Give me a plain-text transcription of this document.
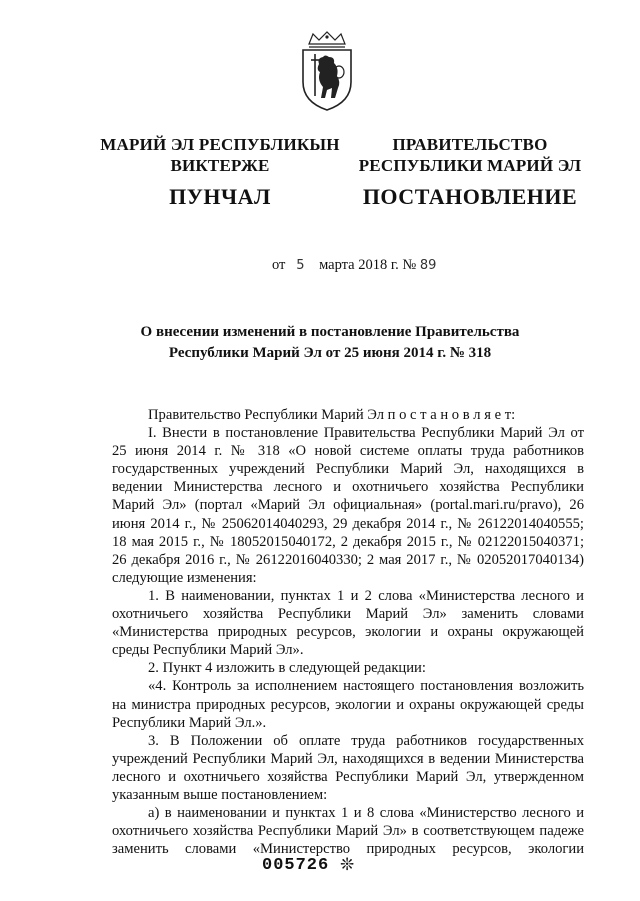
МАРИЙ ЭЛ РЕСПУБЛИКЫН
ВИКТЕРЖЕ
ПУНЧАЛ
ПРАВИТЕЛЬСТВО
РЕСПУБЛИКИ МАРИЙ ЭЛ
ПОСТАНОВЛЕНИЕ
от 5 марта 2018 г. № 89
О внесении изменений в постановление Правительства
Республики Марий Эл от 25 июня 2014 г. № 318

Правительство Республики Марий Эл п о с т а н о в л я е т:

I. Внести в постановление Правительства Республики Марий Эл от 25 июня 2014 г. № 318 «О новой системе оплаты труда работников государственных учреждений Республики Марий Эл, находящихся в ведении Министерства лесного и охотничьего хозяйства Республики Марий Эл» (портал «Марий Эл официальная» (portal.mari.ru/pravo), 26 июня 2014 г., № 25062014040293, 29 декабря 2014 г., № 26122014040555; 18 мая 2015 г., № 18052015040172, 2 декабря 2015 г., № 02122015040371; 26 декабря 2016 г., № 26122016040330; 2 мая 2017 г., № 02052017040134) следующие изменения:

1. В наименовании, пунктах 1 и 2 слова «Министерства лесного и охотничьего хозяйства Республики Марий Эл» заменить словами «Министерства природных ресурсов, экологии и охраны окружающей среды Республики Марий Эл».

2. Пункт 4 изложить в следующей редакции:

«4. Контроль за исполнением настоящего постановления возложить на министра природных ресурсов, экологии и охраны окружающей среды Республики Марий Эл.».

3. В Положении об оплате труда работников государственных учреждений Республики Марий Эл, находящихся в ведении Министерства лесного и охотничьего хозяйства Республики Марий Эл, утвержденном указанным выше постановлением:

а) в наименовании и пунктах 1 и 8 слова «Министерство лесного и охотничьего хозяйства Республики Марий Эл» в соответствующем падеже заменить словами «Министерство природных ресурсов, экологии

005726 ❊
